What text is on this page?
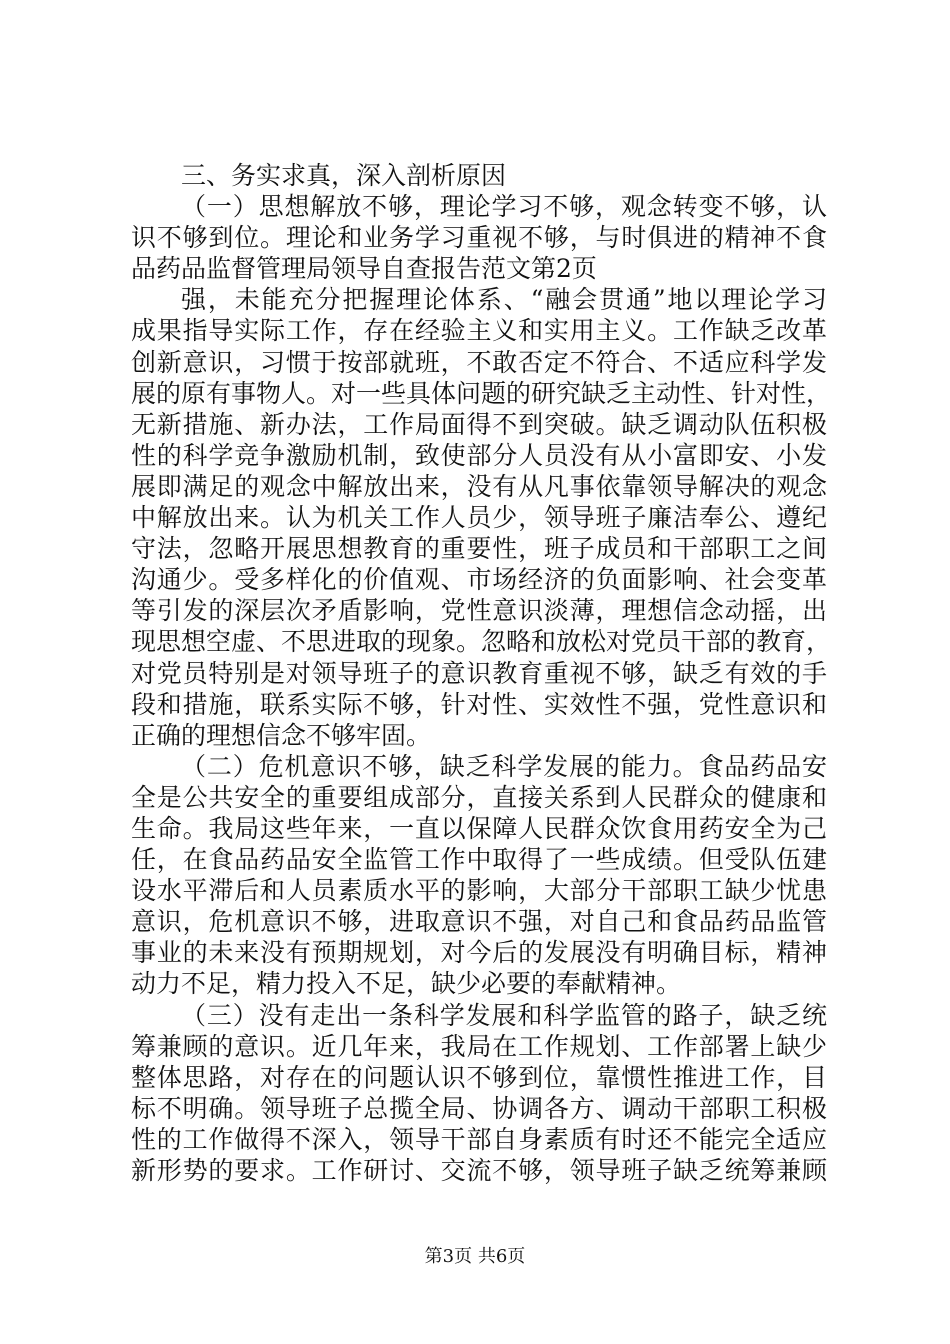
三、务实求真，深入剖析原因
（一）思想解放不够，理论学习不够，观念转变不够，认
识不够到位。理论和业务学习重视不够，与时俱进的精神不食
品药品监督管理局领导自查报告范文第2页
强，未能充分把握理论体系、“融会贯通”地以理论学习
成果指导实际工作，存在经验主义和实用主义。工作缺乏改革
创新意识，习惯于按部就班，不敢否定不符合、不适应科学发
展的原有事物人。对一些具体问题的研究缺乏主动性、针对性，
无新措施、新办法，工作局面得不到突破。缺乏调动队伍积极
性的科学竞争激励机制，致使部分人员没有从小富即安、小发
展即满足的观念中解放出来，没有从凡事依靠领导解决的观念
中解放出来。认为机关工作人员少，领导班子廉洁奉公、遵纪
守法，忽略开展思想教育的重要性，班子成员和干部职工之间
沟通少。受多样化的价值观、市场经济的负面影响、社会变革
等引发的深层次矛盾影响，党性意识淡薄，理想信念动摇，出
现思想空虚、不思进取的现象。忽略和放松对党员干部的教育，
对党员特别是对领导班子的意识教育重视不够，缺乏有效的手
段和措施，联系实际不够，针对性、实效性不强，党性意识和
正确的理想信念不够牢固。
（二）危机意识不够，缺乏科学发展的能力。食品药品安
全是公共安全的重要组成部分，直接关系到人民群众的健康和
生命。我局这些年来，一直以保障人民群众饮食用药安全为己
任，在食品药品安全监管工作中取得了一些成绩。但受队伍建
设水平滞后和人员素质水平的影响，大部分干部职工缺少忧患
意识，危机意识不够，进取意识不强，对自己和食品药品监管
事业的未来没有预期规划，对今后的发展没有明确目标，精神
动力不足，精力投入不足，缺少必要的奉献精神。
（三）没有走出一条科学发展和科学监管的路子，缺乏统
筹兼顾的意识。近几年来，我局在工作规划、工作部署上缺少
整体思路，对存在的问题认识不够到位，靠惯性推进工作，目
标不明确。领导班子总揽全局、协调各方、调动干部职工积极
性的工作做得不深入，领导干部自身素质有时还不能完全适应
新形势的要求。工作研讨、交流不够，领导班子缺乏统筹兼顾
第3页 共6页
